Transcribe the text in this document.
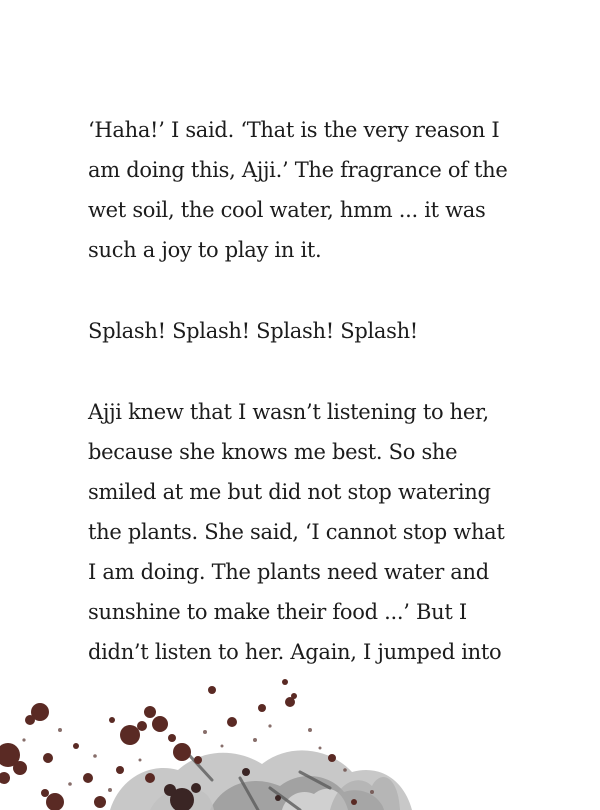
‘Haha!’ I said. ‘That is the very reason I
am doing this, Ajji.’ The fragrance of the
wet soil, the cool water, hmm ... it was
such a joy to play in it.

Splash! Splash! Splash! Splash!

Ajji knew that I wasn’t listening to her,
because she knows me best. So she
smiled at me but did not stop watering
the plants. She said, ‘I cannot stop what
I am doing. The plants need water and
sunshine to make their food ...’ But I
didn’t listen to her. Again, I jumped into
